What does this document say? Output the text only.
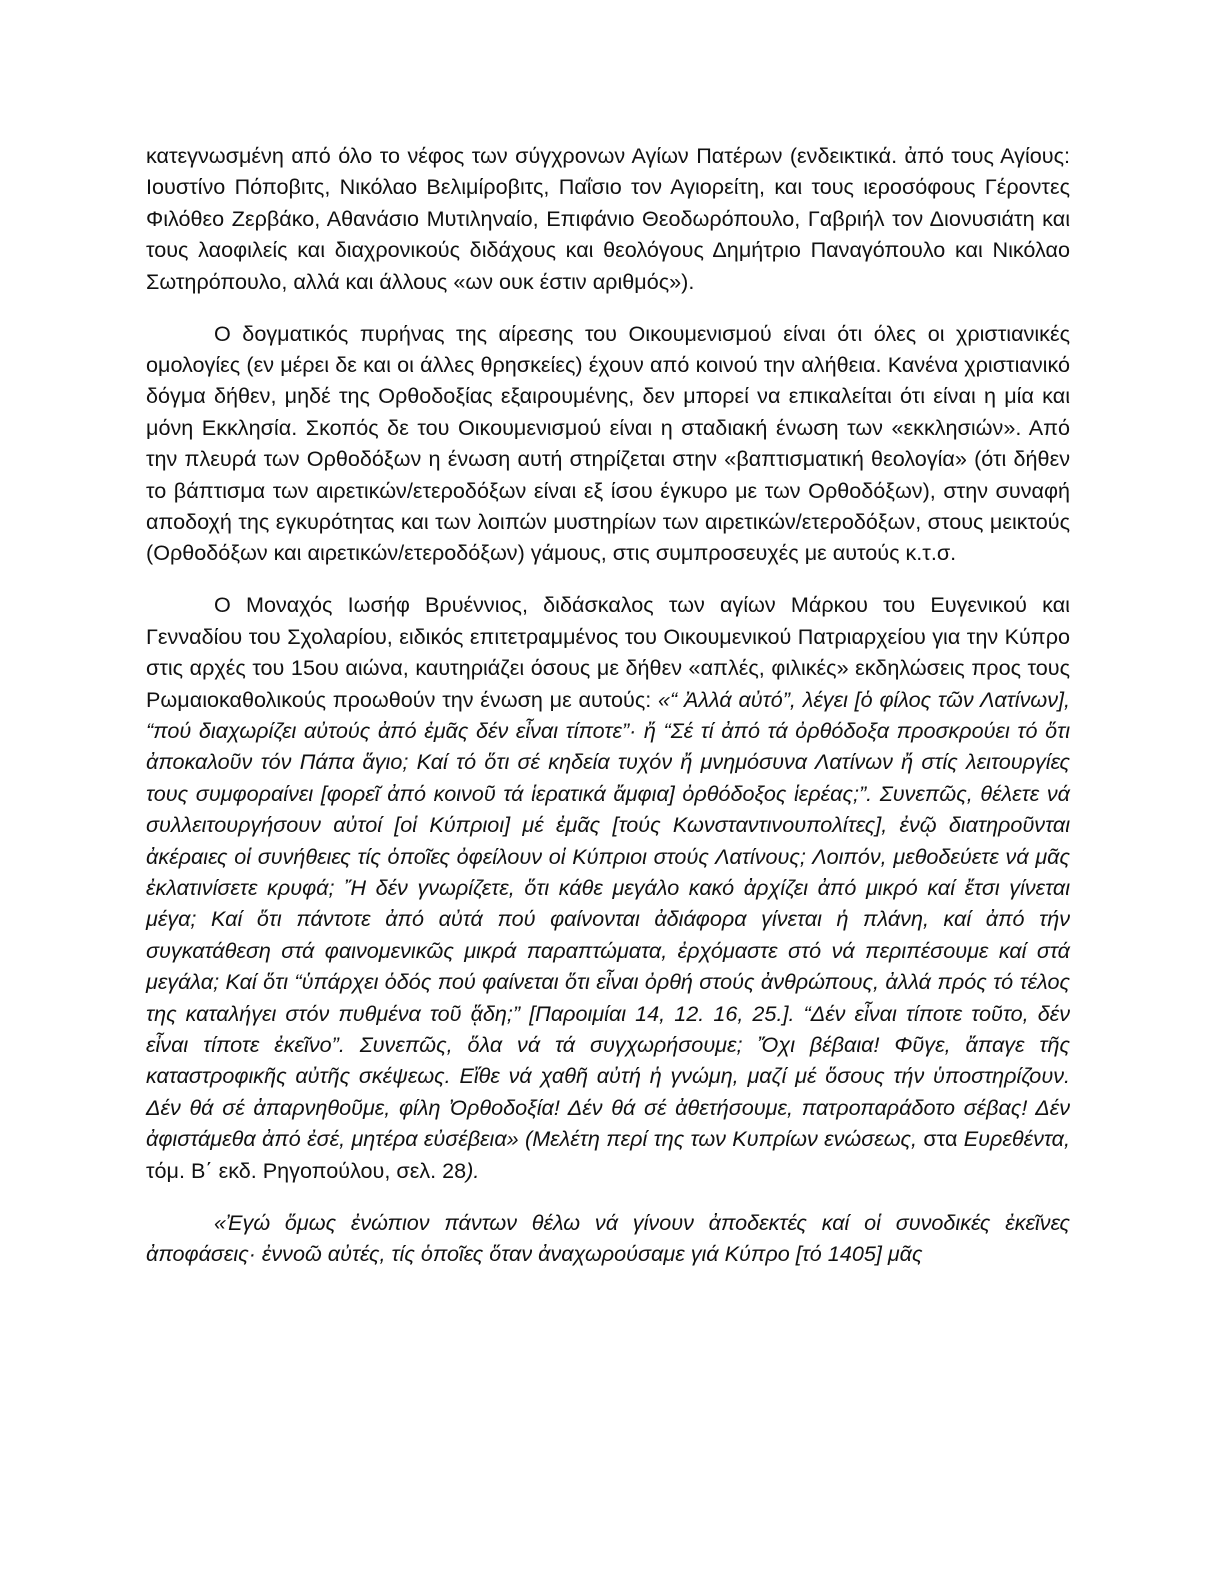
κατεγνωσμένη από όλο το νέφος των σύγχρονων Αγίων Πατέρων (ενδεικτικά. ἀπό τους Αγίους: Ιουστίνο Πόποβιτς, Νικόλαο Βελιμίροβιτς, Παΐσιο τον Αγιορείτη, και τους ιεροσόφους Γέροντες Φιλόθεο Ζερβάκο, Αθανάσιο Μυτιληναίο, Επιφάνιο Θεοδωρόπουλο, Γαβριήλ τον Διονυσιάτη και τους λαοφιλείς και διαχρονικούς διδάχους και θεολόγους Δημήτριο Παναγόπουλο και Νικόλαο Σωτηρόπουλο, αλλά και άλλους «ων ουκ έστιν αριθμός»).

Ο δογματικός πυρήνας της αίρεσης του Οικουμενισμού είναι ότι όλες οι χριστιανικές ομολογίες (εν μέρει δε και οι άλλες θρησκείες) έχουν από κοινού την αλήθεια. Κανένα χριστιανικό δόγμα δήθεν, μηδέ της Ορθοδοξίας εξαιρουμένης, δεν μπορεί να επικαλείται ότι είναι η μία και μόνη Εκκλησία. Σκοπός δε του Οικουμενισμού είναι η σταδιακή ένωση των «εκκλησιών». Από την πλευρά των Ορθοδόξων η ένωση αυτή στηρίζεται στην «βαπτισματική θεολογία» (ότι δήθεν το βάπτισμα των αιρετικών/ετεροδόξων είναι εξ ίσου έγκυρο με των Ορθοδόξων), στην συναφή αποδοχή της εγκυρότητας και των λοιπών μυστηρίων των αιρετικών/ετεροδόξων, στους μεικτούς (Ορθοδόξων και αιρετικών/ετεροδόξων) γάμους, στις συμπροσευχές με αυτούς κ.τ.σ.

Ο Μοναχός Ιωσήφ Βρυέννιος, διδάσκαλος των αγίων Μάρκου του Ευγενικού και Γενναδίου του Σχολαρίου, ειδικός επιτετραμμένος του Οικουμενικού Πατριαρχείου για την Κύπρο στις αρχές του 15ου αιώνα, καυτηριάζει όσους με δήθεν «απλές, φιλικές» εκδηλώσεις προς τους Ρωμαιοκαθολικούς προωθούν την ένωση με αυτούς: «“ Ἀλλά αὐτό”, λέγει [ὁ φίλος τῶν Λατίνων], “πού διαχωρίζει αὐτούς ἀπό ἐμᾶς δέν εἶναι τίποτε”· ἤ “Σέ τί ἀπό τά ὀρθόδοξα προσκρούει τό ὅτι ἀποκαλοῦν τόν Πάπα ἅγιο; Καί τό ὅτι σέ κηδεία τυχόν ἤ μνημόσυνα Λατίνων ἤ στίς λειτουργίες τους συμφοραίνει [φορεῖ ἀπό κοινοῦ τά ἱερατικά ἄμφια] ὀρθόδοξος ἱερέας;”. Συνεπῶς, θέλετε νά συλλειτουργήσουν αὐτοί [οἱ Κύπριοι] μέ ἐμᾶς [τούς Κωνσταντινουπολίτες], ἐνῷ διατηροῦνται ἀκέραιες οἱ συνήθειες τίς ὁποῖες ὀφείλουν οἱ Κύπριοι στούς Λατίνους; Λοιπόν, μεθοδεύετε νά μᾶς ἐκλατινίσετε κρυφά; Ἤ δέν γνωρίζετε, ὅτι κάθε μεγάλο κακό ἀρχίζει ἀπό μικρό καί ἔτσι γίνεται μέγα; Καί ὅτι πάντοτε ἀπό αὐτά πού φαίνονται ἀδιάφορα γίνεται ἡ πλάνη, καί ἀπό τήν συγκατάθεση στά φαινομενικῶς μικρά παραπτώματα, ἐρχόμαστε στό νά περιπέσουμε καί στά μεγάλα; Καί ὅτι “ὑπάρχει ὁδός πού φαίνεται ὅτι εἶναι ὀρθή στούς ἀνθρώπους, ἀλλά πρός τό τέλος της καταλήγει στόν πυθμένα τοῦ ᾅδη;” [Παροιμίαι 14, 12. 16, 25.]. “Δέν εἶναι τίποτε τοῦτο, δέν εἶναι τίποτε ἐκεῖνο”. Συνεπῶς, ὅλα νά τά συγχωρήσουμε; Ὄχι βέβαια! Φῦγε, ἄπαγε τῆς καταστροφικῆς αὐτῆς σκέψεως. Εἴθε νά χαθῆ αὐτή ἡ γνώμη, μαζί μέ ὅσους τήν ὑποστηρίζουν. Δέν θά σέ ἀπαρνηθοῦμε, φίλη Ὀρθοδοξία! Δέν θά σέ ἀθετήσουμε, πατροπαράδοτο σέβας! Δέν ἀφιστάμεθα ἀπό ἐσέ, μητέρα εὐσέβεια» (Μελέτη περί της των Κυπρίων ενώσεως, στα Ευρεθέντα, τόμ. Β΄ εκδ. Ρηγοπούλου, σελ. 28).

«Ἐγώ ὅμως ἐνώπιον πάντων θέλω νά γίνουν ἀποδεκτές καί οἱ συνοδικές ἐκεῖνες ἀποφάσεις· ἐννοῶ αὐτές, τίς ὁποῖες ὅταν ἀναχωρούσαμε γιά Κύπρο [τό 1405] μᾶς
